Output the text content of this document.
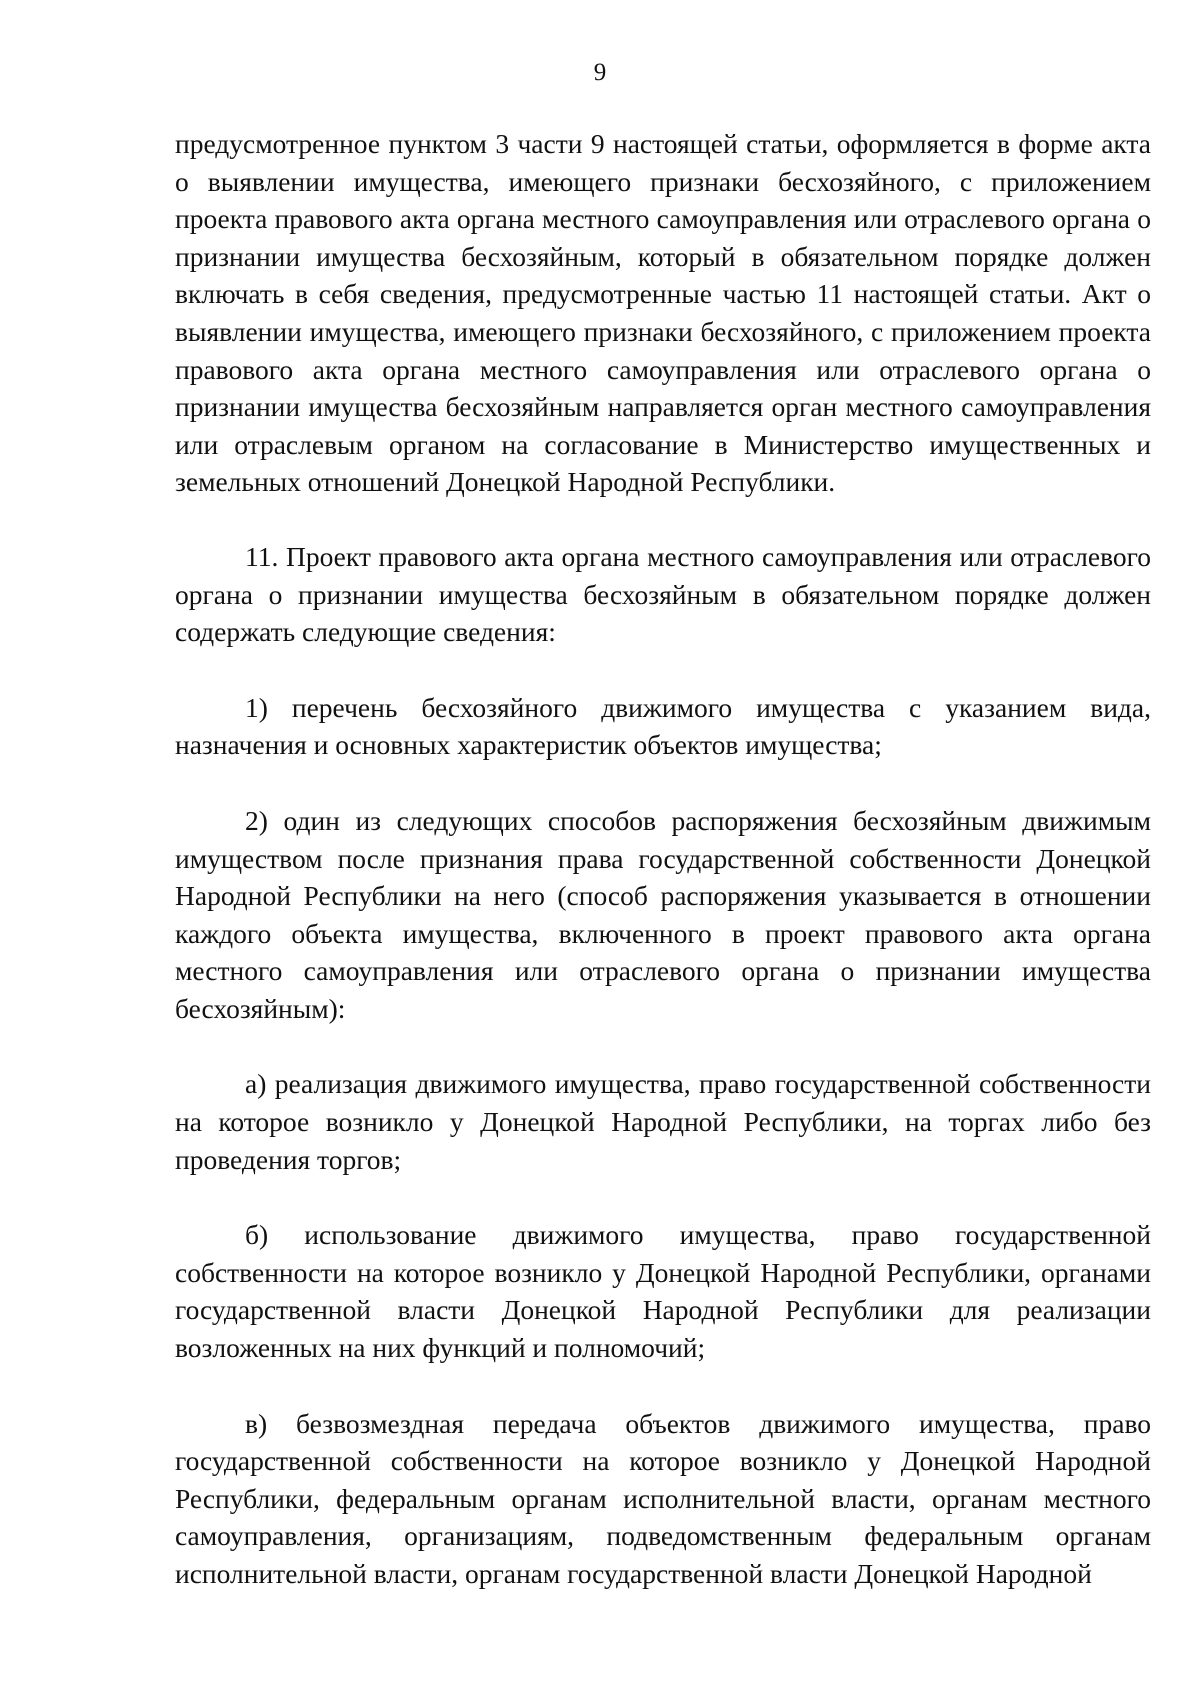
9

предусмотренное пунктом 3 части 9 настоящей статьи, оформляется в форме акта о выявлении имущества, имеющего признаки бесхозяйного, с приложением проекта правового акта органа местного самоуправления или отраслевого органа о признании имущества бесхозяйным, который в обязательном порядке должен включать в себя сведения, предусмотренные частью 11 настоящей статьи. Акт о выявлении имущества, имеющего признаки бесхозяйного, с приложением проекта правового акта органа местного самоуправления или отраслевого органа о признании имущества бесхозяйным направляется орган местного самоуправления или отраслевым органом на согласование в Министерство имущественных и земельных отношений Донецкой Народной Республики.

11. Проект правового акта органа местного самоуправления или отраслевого органа о признании имущества бесхозяйным в обязательном порядке должен содержать следующие сведения:

1) перечень бесхозяйного движимого имущества с указанием вида, назначения и основных характеристик объектов имущества;

2) один из следующих способов распоряжения бесхозяйным движимым имуществом после признания права государственной собственности Донецкой Народной Республики на него (способ распоряжения указывается в отношении каждого объекта имущества, включенного в проект правового акта органа местного самоуправления или отраслевого органа о признании имущества бесхозяйным):

а) реализация движимого имущества, право государственной собственности на которое возникло у Донецкой Народной Республики, на торгах либо без проведения торгов;

б) использование движимого имущества, право государственной собственности на которое возникло у Донецкой Народной Республики, органами государственной власти Донецкой Народной Республики для реализации возложенных на них функций и полномочий;

в) безвозмездная передача объектов движимого имущества, право государственной собственности на которое возникло у Донецкой Народной Республики, федеральным органам исполнительной власти, органам местного самоуправления, организациям, подведомственным федеральным органам исполнительной власти, органам государственной власти Донецкой Народной
